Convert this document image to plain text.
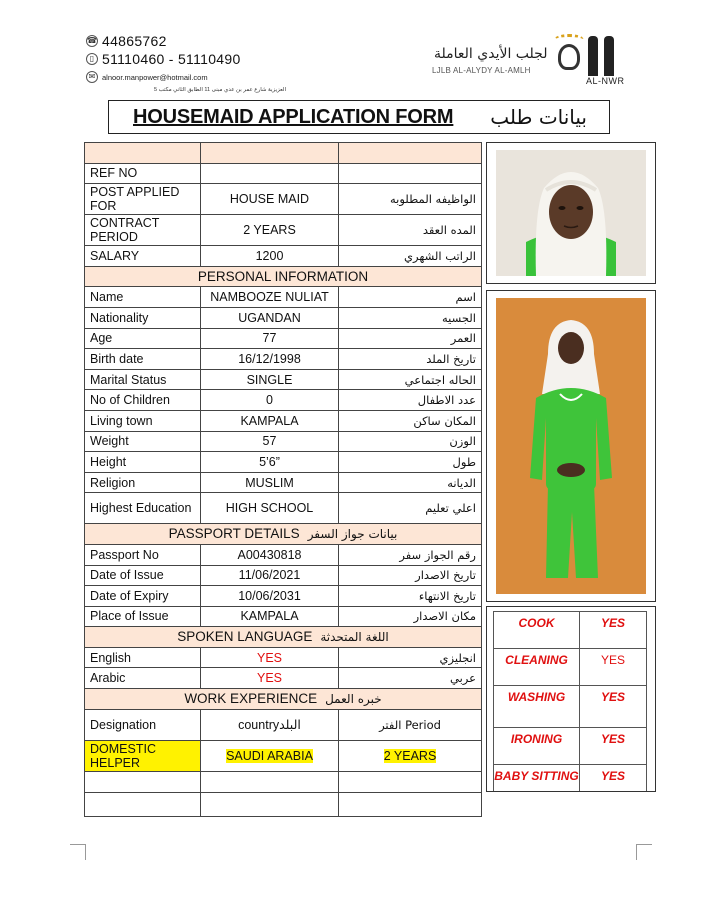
☎ 44865762
▯ 51110460 - 51110490
✉ alnoor.manpower@hotmail.com
العزيزية شارع عمر بن عدي مبنى 11 الطابق الثاني مكتب 5
لجلب الأيدي العاملة
LJLB AL-ALYDY AL-AMLH
AL-NWR
HOUSEMAID APPLICATION FORM بيانات طلب

REF NO		
POST APPLIED FOR	HOUSE MAID	الواظيفه المطلوبه
CONTRACT PERIOD	2 YEARS	المده العقد
SALARY	1200	الراتب الشهري
PERSONAL INFORMATION		
Name	NAMBOOZE NULIAT	اسم
Nationality	UGANDAN	الجسيه
Age	77	العمر
Birth date	16/12/1998	تاريخ الملد
Marital Status	SINGLE	الحاله اجتماعي
No of Children	0	عدد الاطفال
Living town	KAMPALA	المكان ساكن
Weight	57	الوزن
Height	5’6”	طول
Religion	MUSLIM	الديانه
Highest Education	HIGH SCHOOL	اعلي تعليم
PASSPORT DETAILS بيانات جواز السفر		
Passport No	A00430818	رقم الجواز سفر
Date of Issue	11/06/2021	تاريخ الاصدار
Date of Expiry	10/06/2031	تاريخ الانتهاء
Place of Issue	KAMPALA	مكان الاصدار
SPOKEN LANGUAGE اللغة المتحدثة		
English	YES	انجليزي
Arabic	YES	عربي
WORK EXPERIENCE خبره العمل		
Designation	countryالبلد	Period الفتر
DOMESTIC HELPER	SAUDI ARABIA	2 YEARS

COOK	YES
CLEANING	YES
WASHING	YES
IRONING	YES
BABY SITTING	YES
